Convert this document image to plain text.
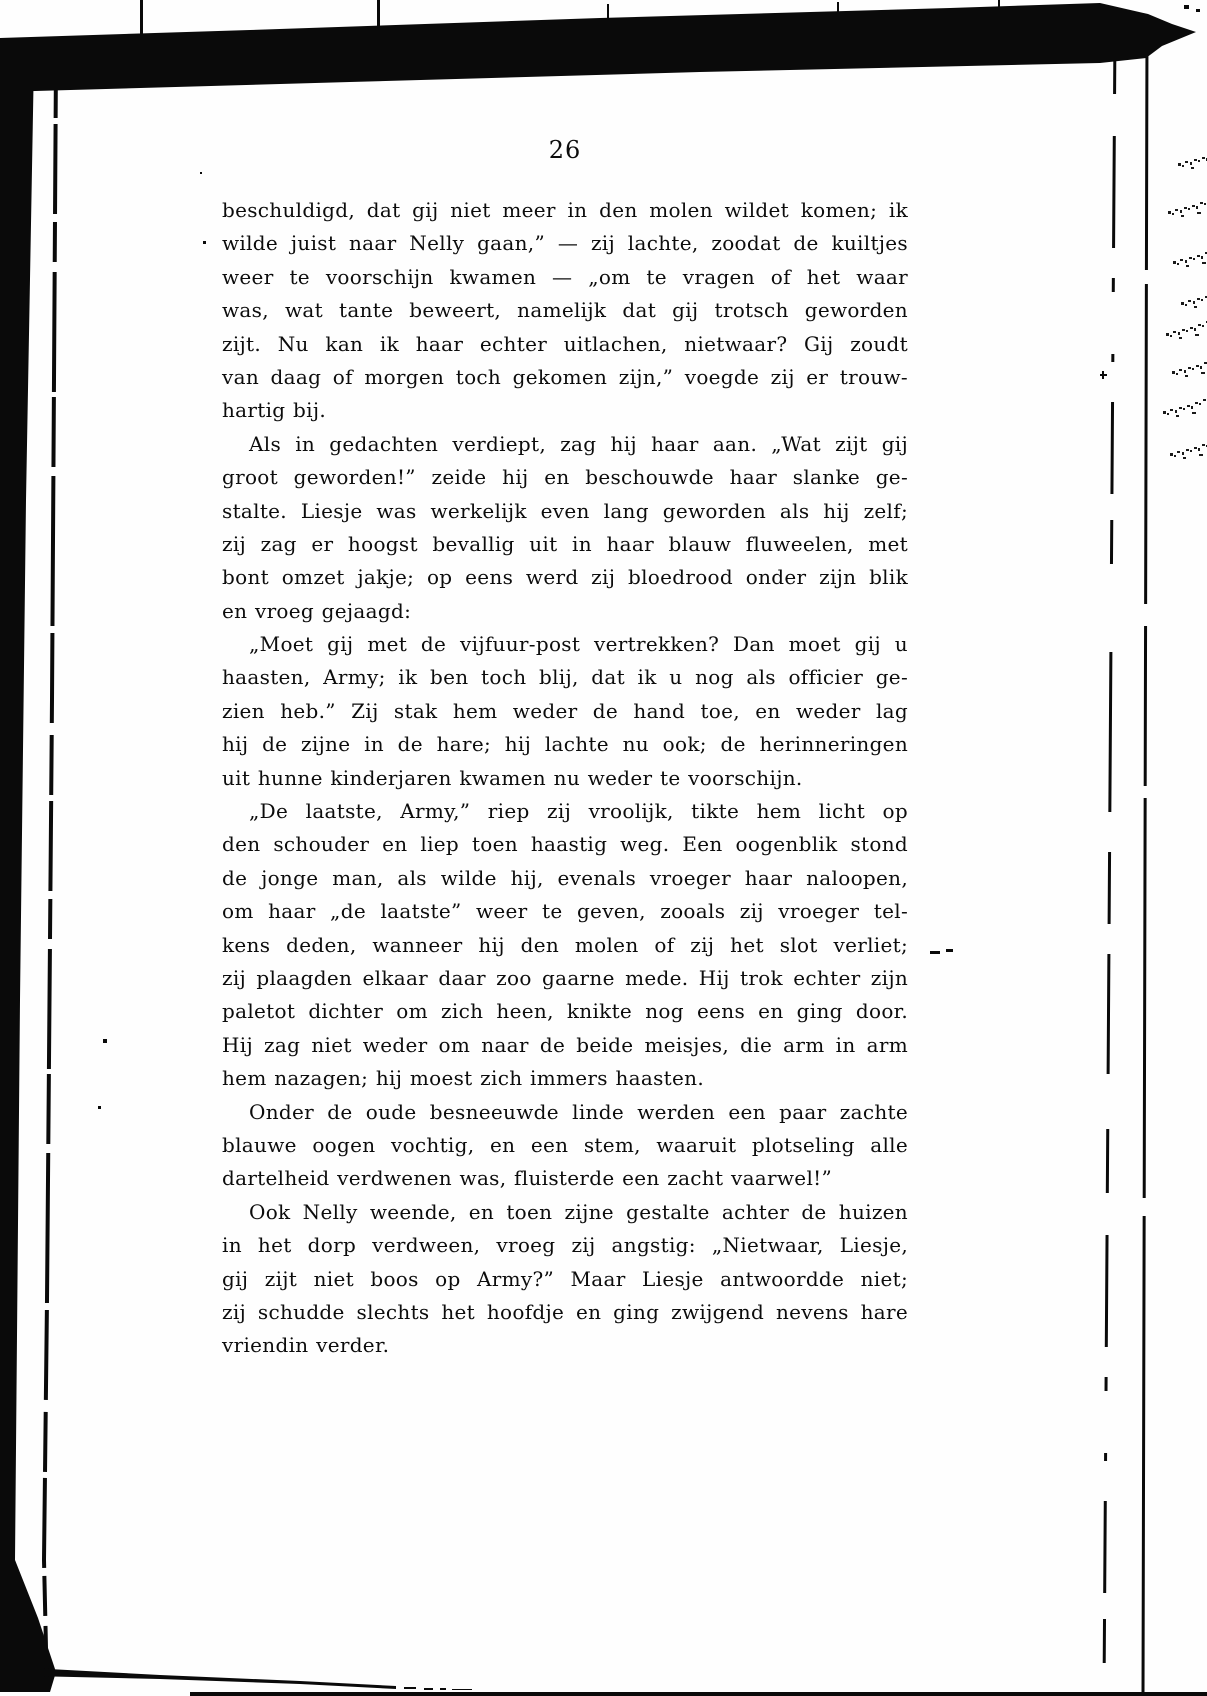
26
beschuldigd, dat gij niet meer in den molen wildet komen; ik
wilde juist naar Nelly gaan,” — zij lachte, zoodat de kuiltjes
weer te voorschijn kwamen — „om te vragen of het waar
was, wat tante beweert, namelijk dat gij trotsch geworden
zijt. Nu kan ik haar echter uitlachen, nietwaar? Gij zoudt
van daag of morgen toch gekomen zijn,” voegde zij er trouw-
hartig bij.
Als in gedachten verdiept, zag hij haar aan. „Wat zijt gij
groot geworden!” zeide hij en beschouwde haar slanke ge-
stalte. Liesje was werkelijk even lang geworden als hij zelf;
zij zag er hoogst bevallig uit in haar blauw fluweelen, met
bont omzet jakje; op eens werd zij bloedrood onder zijn blik
en vroeg gejaagd:
„Moet gij met de vijfuur-post vertrekken? Dan moet gij u
haasten, Army; ik ben toch blij, dat ik u nog als officier ge-
zien heb.” Zij stak hem weder de hand toe, en weder lag
hij de zijne in de hare; hij lachte nu ook; de herinneringen
uit hunne kinderjaren kwamen nu weder te voorschijn.
„De laatste, Army,” riep zij vroolijk, tikte hem licht op
den schouder en liep toen haastig weg. Een oogenblik stond
de jonge man, als wilde hij, evenals vroeger haar naloopen,
om haar „de laatste” weer te geven, zooals zij vroeger tel-
kens deden, wanneer hij den molen of zij het slot verliet;
zij plaagden elkaar daar zoo gaarne mede. Hij trok echter zijn
paletot dichter om zich heen, knikte nog eens en ging door.
Hij zag niet weder om naar de beide meisjes, die arm in arm
hem nazagen; hij moest zich immers haasten.
Onder de oude besneeuwde linde werden een paar zachte
blauwe oogen vochtig, en een stem, waaruit plotseling alle
dartelheid verdwenen was, fluisterde een zacht vaarwel!”
Ook Nelly weende, en toen zijne gestalte achter de huizen
in het dorp verdween, vroeg zij angstig: „Nietwaar, Liesje,
gij zijt niet boos op Army?” Maar Liesje antwoordde niet;
zij schudde slechts het hoofdje en ging zwijgend nevens hare
vriendin verder.
